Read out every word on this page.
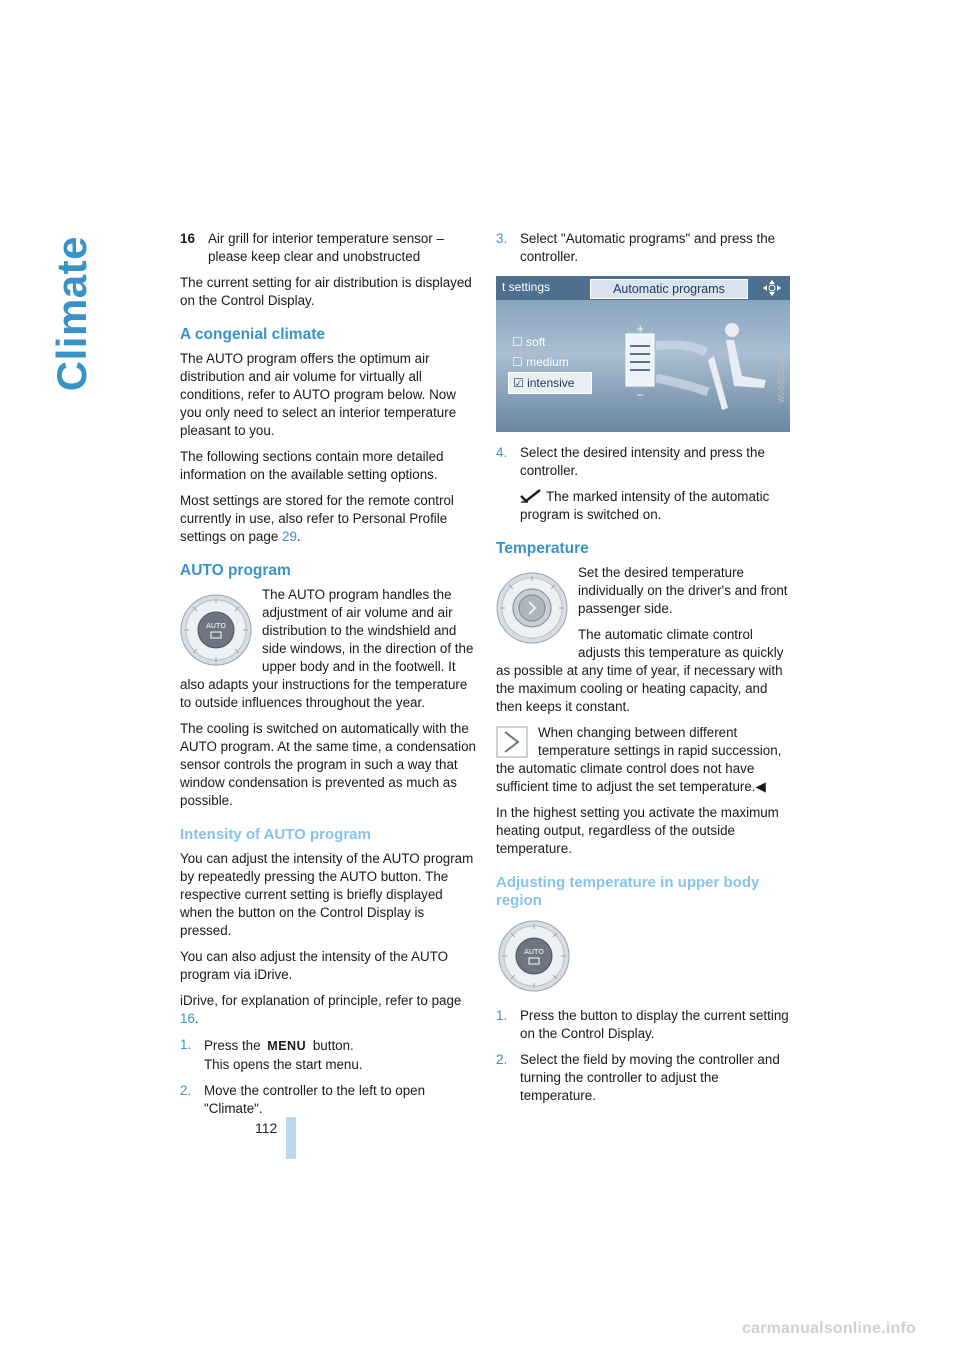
Climate	16 Air grill for interior temperature sensor – please keep clear and unobstructed

The current setting for air distribution is displayed on the Control Display.

A congenial climate

The AUTO program offers the optimum air distribution and air volume for virtually all conditions, refer to AUTO program below. Now you only need to select an interior temperature pleasant to you.

The following sections contain more detailed information on the available setting options.

Most settings are stored for the remote control currently in use, also refer to Personal Profile settings on page 29.

AUTO program
AUTO

The AUTO program handles the adjustment of air volume and air distribution to the windshield and side windows, in the direction of the upper body and in the footwell. It also adapts your instructions for the temperature to outside influences throughout the year.

The cooling is switched on automatically with the AUTO program. At the same time, a condensation sensor controls the program in such a way that window condensation is prevented as much as possible.

Intensity of AUTO program

You can adjust the intensity of the AUTO program by repeatedly pressing the AUTO button. The respective current setting is briefly displayed when the button on the Control Display is pressed.

You can also adjust the intensity of the AUTO program via iDrive.

iDrive, for explanation of principle, refer to page 16.

1. Press the MENU button.
This opens the start menu.
2. Move the controller to the left to open "Climate".
3. Select "Automatic programs" and press the controller.
t settings	Automatic programs
☐ soft
☐ medium
☑ intensive
+
−	W0S4035D0
4. Select the desired intensity and press the controller.
The marked intensity of the automatic program is switched on.
Temperature

Set the desired temperature individually on the driver's and front passenger side.

The automatic climate control adjusts this temperature as quickly as possible at any time of year, if necessary with the maximum cooling or heating capacity, and then keeps it constant.

When changing between different temperature settings in rapid succession, the automatic climate control does not have sufficient time to adjust the set temperature.◀

In the highest setting you activate the maximum heating output, regardless of the outside temperature.

Adjusting temperature in upper body region
AUTO
1. Press the button to display the current setting on the Control Display.
2. Select the field by moving the controller and turning the controller to adjust the temperature.
112
carmanualsonline.info
